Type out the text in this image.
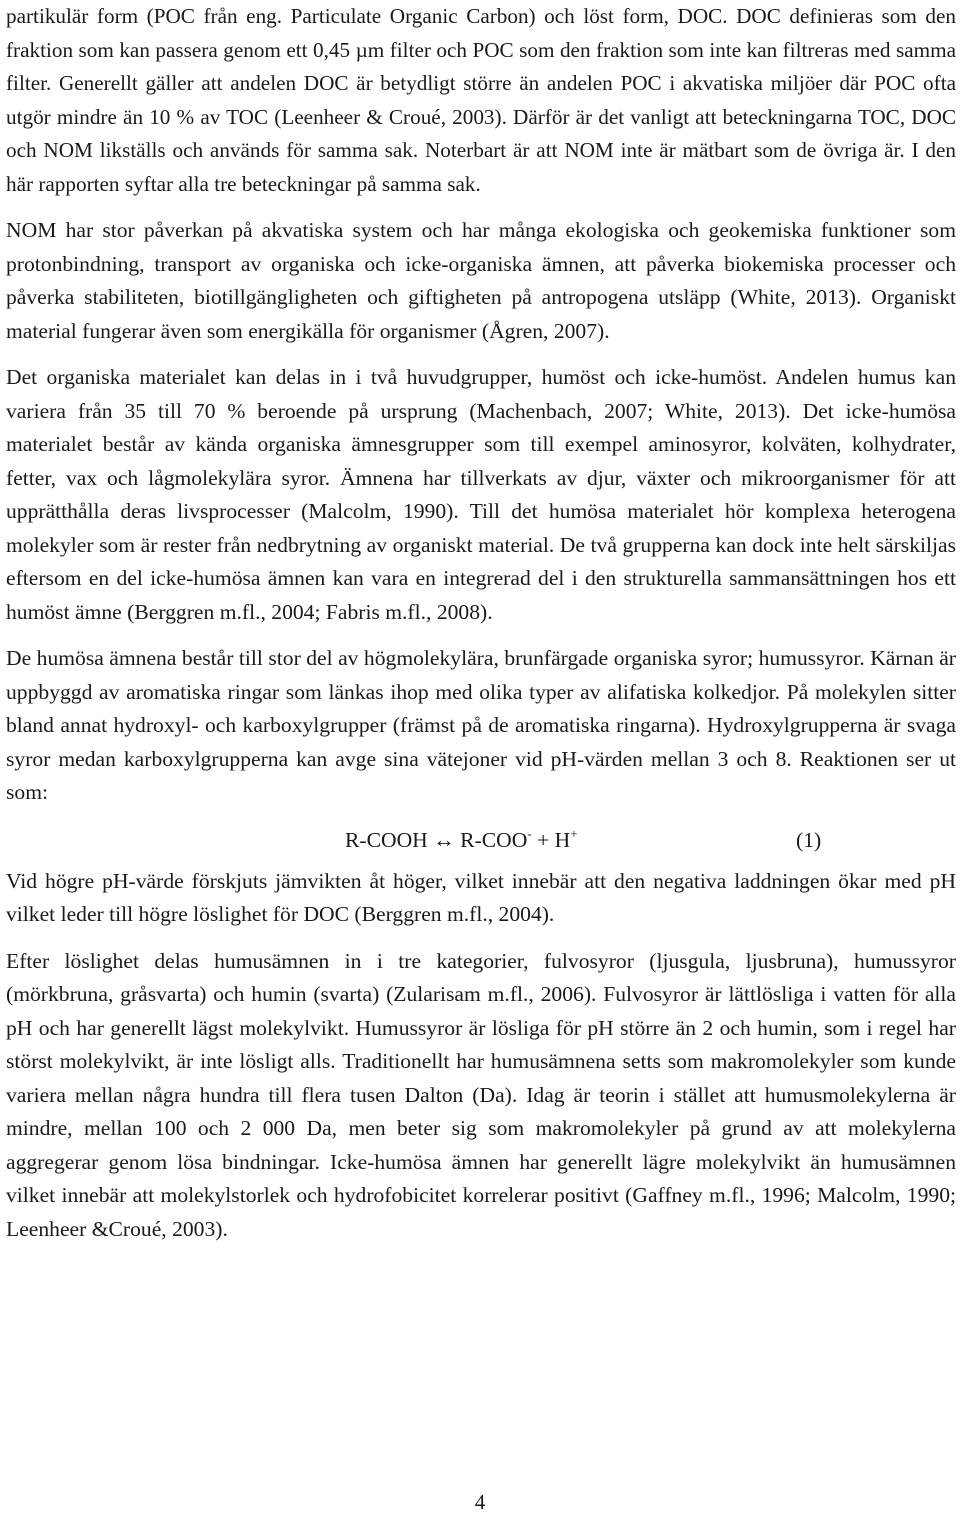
partikulär form (POC från eng. Particulate Organic Carbon) och löst form, DOC. DOC definieras som den fraktion som kan passera genom ett 0,45 µm filter och POC som den fraktion som inte kan filtreras med samma filter. Generellt gäller att andelen DOC är betydligt större än andelen POC i akvatiska miljöer där POC ofta utgör mindre än 10 % av TOC (Leenheer & Croué, 2003). Därför är det vanligt att beteckningarna TOC, DOC och NOM likställs och används för samma sak. Noterbart är att NOM inte är mätbart som de övriga är. I den här rapporten syftar alla tre beteckningar på samma sak.

NOM har stor påverkan på akvatiska system och har många ekologiska och geokemiska funktioner som protonbindning, transport av organiska och icke-organiska ämnen, att påverka biokemiska processer och påverka stabiliteten, biotillgängligheten och giftigheten på antropogena utsläpp (White, 2013). Organiskt material fungerar även som energikälla för organismer (Ågren, 2007).

Det organiska materialet kan delas in i två huvudgrupper, humöst och icke-humöst. Andelen humus kan variera från 35 till 70 % beroende på ursprung (Machenbach, 2007; White, 2013). Det icke-humösa materialet består av kända organiska ämnesgrupper som till exempel aminosyror, kolväten, kolhydrater, fetter, vax och lågmolekylära syror. Ämnena har tillverkats av djur, växter och mikroorganismer för att upprätthålla deras livsprocesser (Malcolm, 1990). Till det humösa materialet hör komplexa heterogena molekyler som är rester från nedbrytning av organiskt material. De två grupperna kan dock inte helt särskiljas eftersom en del icke-humösa ämnen kan vara en integrerad del i den strukturella sammansättningen hos ett humöst ämne (Berggren m.fl., 2004; Fabris m.fl., 2008).

De humösa ämnena består till stor del av högmolekylära, brunfärgade organiska syror; humussyror. Kärnan är uppbyggd av aromatiska ringar som länkas ihop med olika typer av alifatiska kolkedjor. På molekylen sitter bland annat hydroxyl- och karboxylgrupper (främst på de aromatiska ringarna). Hydroxylgrupperna är svaga syror medan karboxylgrupperna kan avge sina vätejoner vid pH-värden mellan 3 och 8. Reaktionen ser ut som:

R-COOH ↔ R-COO- + H+	(1)

Vid högre pH-värde förskjuts jämvikten åt höger, vilket innebär att den negativa laddningen ökar med pH vilket leder till högre löslighet för DOC (Berggren m.fl., 2004).

Efter löslighet delas humusämnen in i tre kategorier, fulvosyror (ljusgula, ljusbruna), humussyror (mörkbruna, gråsvarta) och humin (svarta) (Zularisam m.fl., 2006). Fulvosyror är lättlösliga i vatten för alla pH och har generellt lägst molekylvikt. Humussyror är lösliga för pH större än 2 och humin, som i regel har störst molekylvikt, är inte lösligt alls. Traditionellt har humusämnena setts som makromolekyler som kunde variera mellan några hundra till flera tusen Dalton (Da). Idag är teorin i stället att humusmolekylerna är mindre, mellan 100 och 2 000 Da, men beter sig som makromolekyler på grund av att molekylerna aggregerar genom lösa bindningar. Icke-humösa ämnen har generellt lägre molekylvikt än humusämnen vilket innebär att molekylstorlek och hydrofobicitet korrelerar positivt (Gaffney m.fl., 1996; Malcolm, 1990; Leenheer &Croué, 2003).

4
